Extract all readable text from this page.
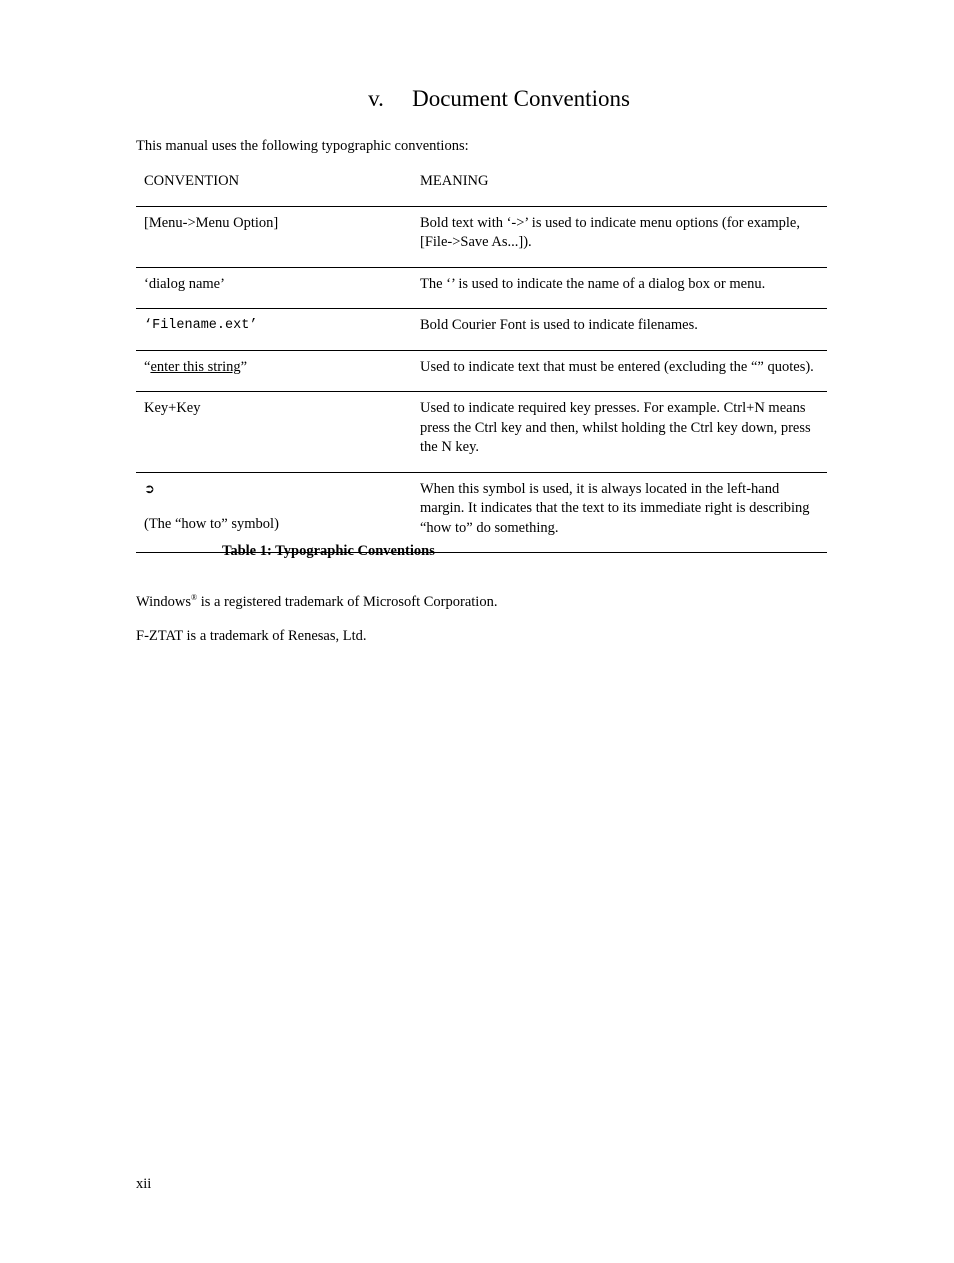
v. Document Conventions

This manual uses the following typographic conventions:

CONVENTION	MEANING
[Menu->Menu Option]	Bold text with ‘->’ is used to indicate menu options (for example, [File->Save As...]).
‘dialog name’	The ‘’ is used to indicate the name of a dialog box or menu.
‘Filename.ext’	Bold Courier Font is used to indicate filenames.
“enter this string”	Used to indicate text that must be entered (excluding the “” quotes).
Key+Key	Used to indicate required key presses. For example. Ctrl+N means press the Ctrl key and then, whilst holding the Ctrl key down, press the N key.

➲
(The “how to” symbol)	When this symbol is used, it is always located in the left-hand margin. It indicates that the text to its immediate right is describing “how to” do something.

Table 1: Typographic Conventions

Windows® is a registered trademark of Microsoft Corporation.

F-ZTAT is a trademark of Renesas, Ltd.

xii
